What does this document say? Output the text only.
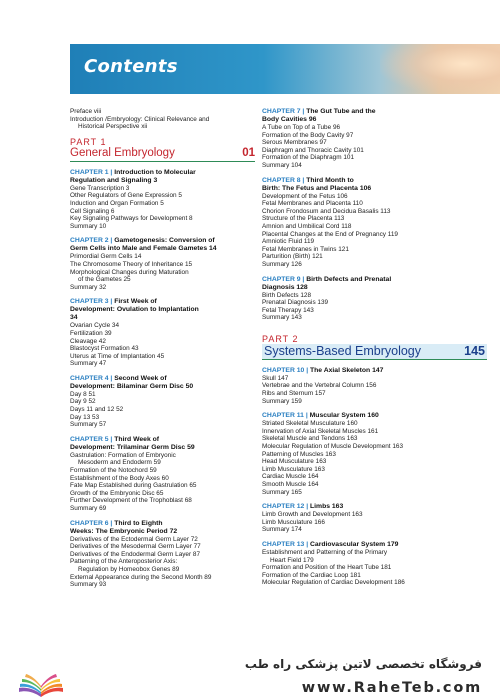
Contents
Preface viii
Introduction /Embryology: Clinical Relevance and
Historical Perspective xii
PART 1
General Embryology	01
CHAPTER 1 | Introduction to Molecular
Regulation and Signaling 3
Gene Transcription 3
Other Regulators of Gene Expression 5
Induction and Organ Formation 5
Cell Signaling 6
Key Signaling Pathways for Development 8
Summary 10
CHAPTER 2 | Gametogenesis: Conversion of
Germ Cells into Male and Female Gametes 14
Primordial Germ Cells 14
The Chromosome Theory of Inheritance 15
Morphological Changes during Maturation
of the Gametes 25
Summary 32
CHAPTER 3 | First Week of
Development: Ovulation to Implantation
34
Ovarian Cycle 34
Fertilization 39
Cleavage 42
Blastocyst Formation 43
Uterus at Time of Implantation 45
Summary 47
CHAPTER 4 | Second Week of
Development: Bilaminar Germ Disc 50
Day 8 51
Day 9 52
Days 11 and 12 52
Day 13 53
Summary 57
CHAPTER 5 | Third Week of
Development: Trilaminar Germ Disc 59
Gastrulation: Formation of Embryonic
Mesoderm and Endoderm 59
Formation of the Notochord 59
Establishment of the Body Axes 60
Fate Map Established during Gastrulation 65
Growth of the Embryonic Disc 65
Further Development of the Trophoblast 68
Summary 69
CHAPTER 6 | Third to Eighth
Weeks: The Embryonic Period 72
Derivatives of the Ectodermal Germ Layer 72
Derivatives of the Mesodermal Germ Layer 77
Derivatives of the Endodermal Germ Layer 87
Patterning of the Anteroposterior Axis:
Regulation by Homeobox Genes 89
External Appearance during the Second Month 89
Summary 93
CHAPTER 7 | The Gut Tube and the
Body Cavities 96
A Tube on Top of a Tube 96
Formation of the Body Cavity 97
Serous Membranes 97
Diaphragm and Thoracic Cavity 101
Formation of the Diaphragm 101
Summary 104
CHAPTER 8 | Third Month to
Birth: The Fetus and Placenta 106
Development of the Fetus 106
Fetal Membranes and Placenta 110
Chorion Frondosum and Decidua Basalis 113
Structure of the Placenta 113
Amnion and Umbilical Cord 118
Placental Changes at the End of Pregnancy 119
Amniotic Fluid 119
Fetal Membranes in Twins 121
Parturition (Birth) 121
Summary 126
CHAPTER 9 | Birth Defects and Prenatal
Diagnosis 128
Birth Defects 128
Prenatal Diagnosis 139
Fetal Therapy 143
Summary 143
PART 2
Systems-Based Embryology	145
CHAPTER 10 | The Axial Skeleton 147
Skull 147
Vertebrae and the Vertebral Column 156
Ribs and Sternum 157
Summary 159
CHAPTER 11 | Muscular System 160
Striated Skeletal Musculature 160
Innervation of Axial Skeletal Muscles 161
Skeletal Muscle and Tendons 163
Molecular Regulation of Muscle Development 163
Patterning of Muscles 163
Head Musculature 163
Limb Musculature 163
Cardiac Muscle 164
Smooth Muscle 164
Summary 165
CHAPTER 12 | Limbs 163
Limb Growth and Development 163
Limb Musculature 166
Summary 174
CHAPTER 13 | Cardiovascular System 179
Establishment and Patterning of the Primary
Heart Field 179
Formation and Position of the Heart Tube 181
Formation of the Cardiac Loop 181
Molecular Regulation of Cardiac Development 186
فروشگاه تخصصی لاتین پزشکی راه طب
www.RaheTeb.com
